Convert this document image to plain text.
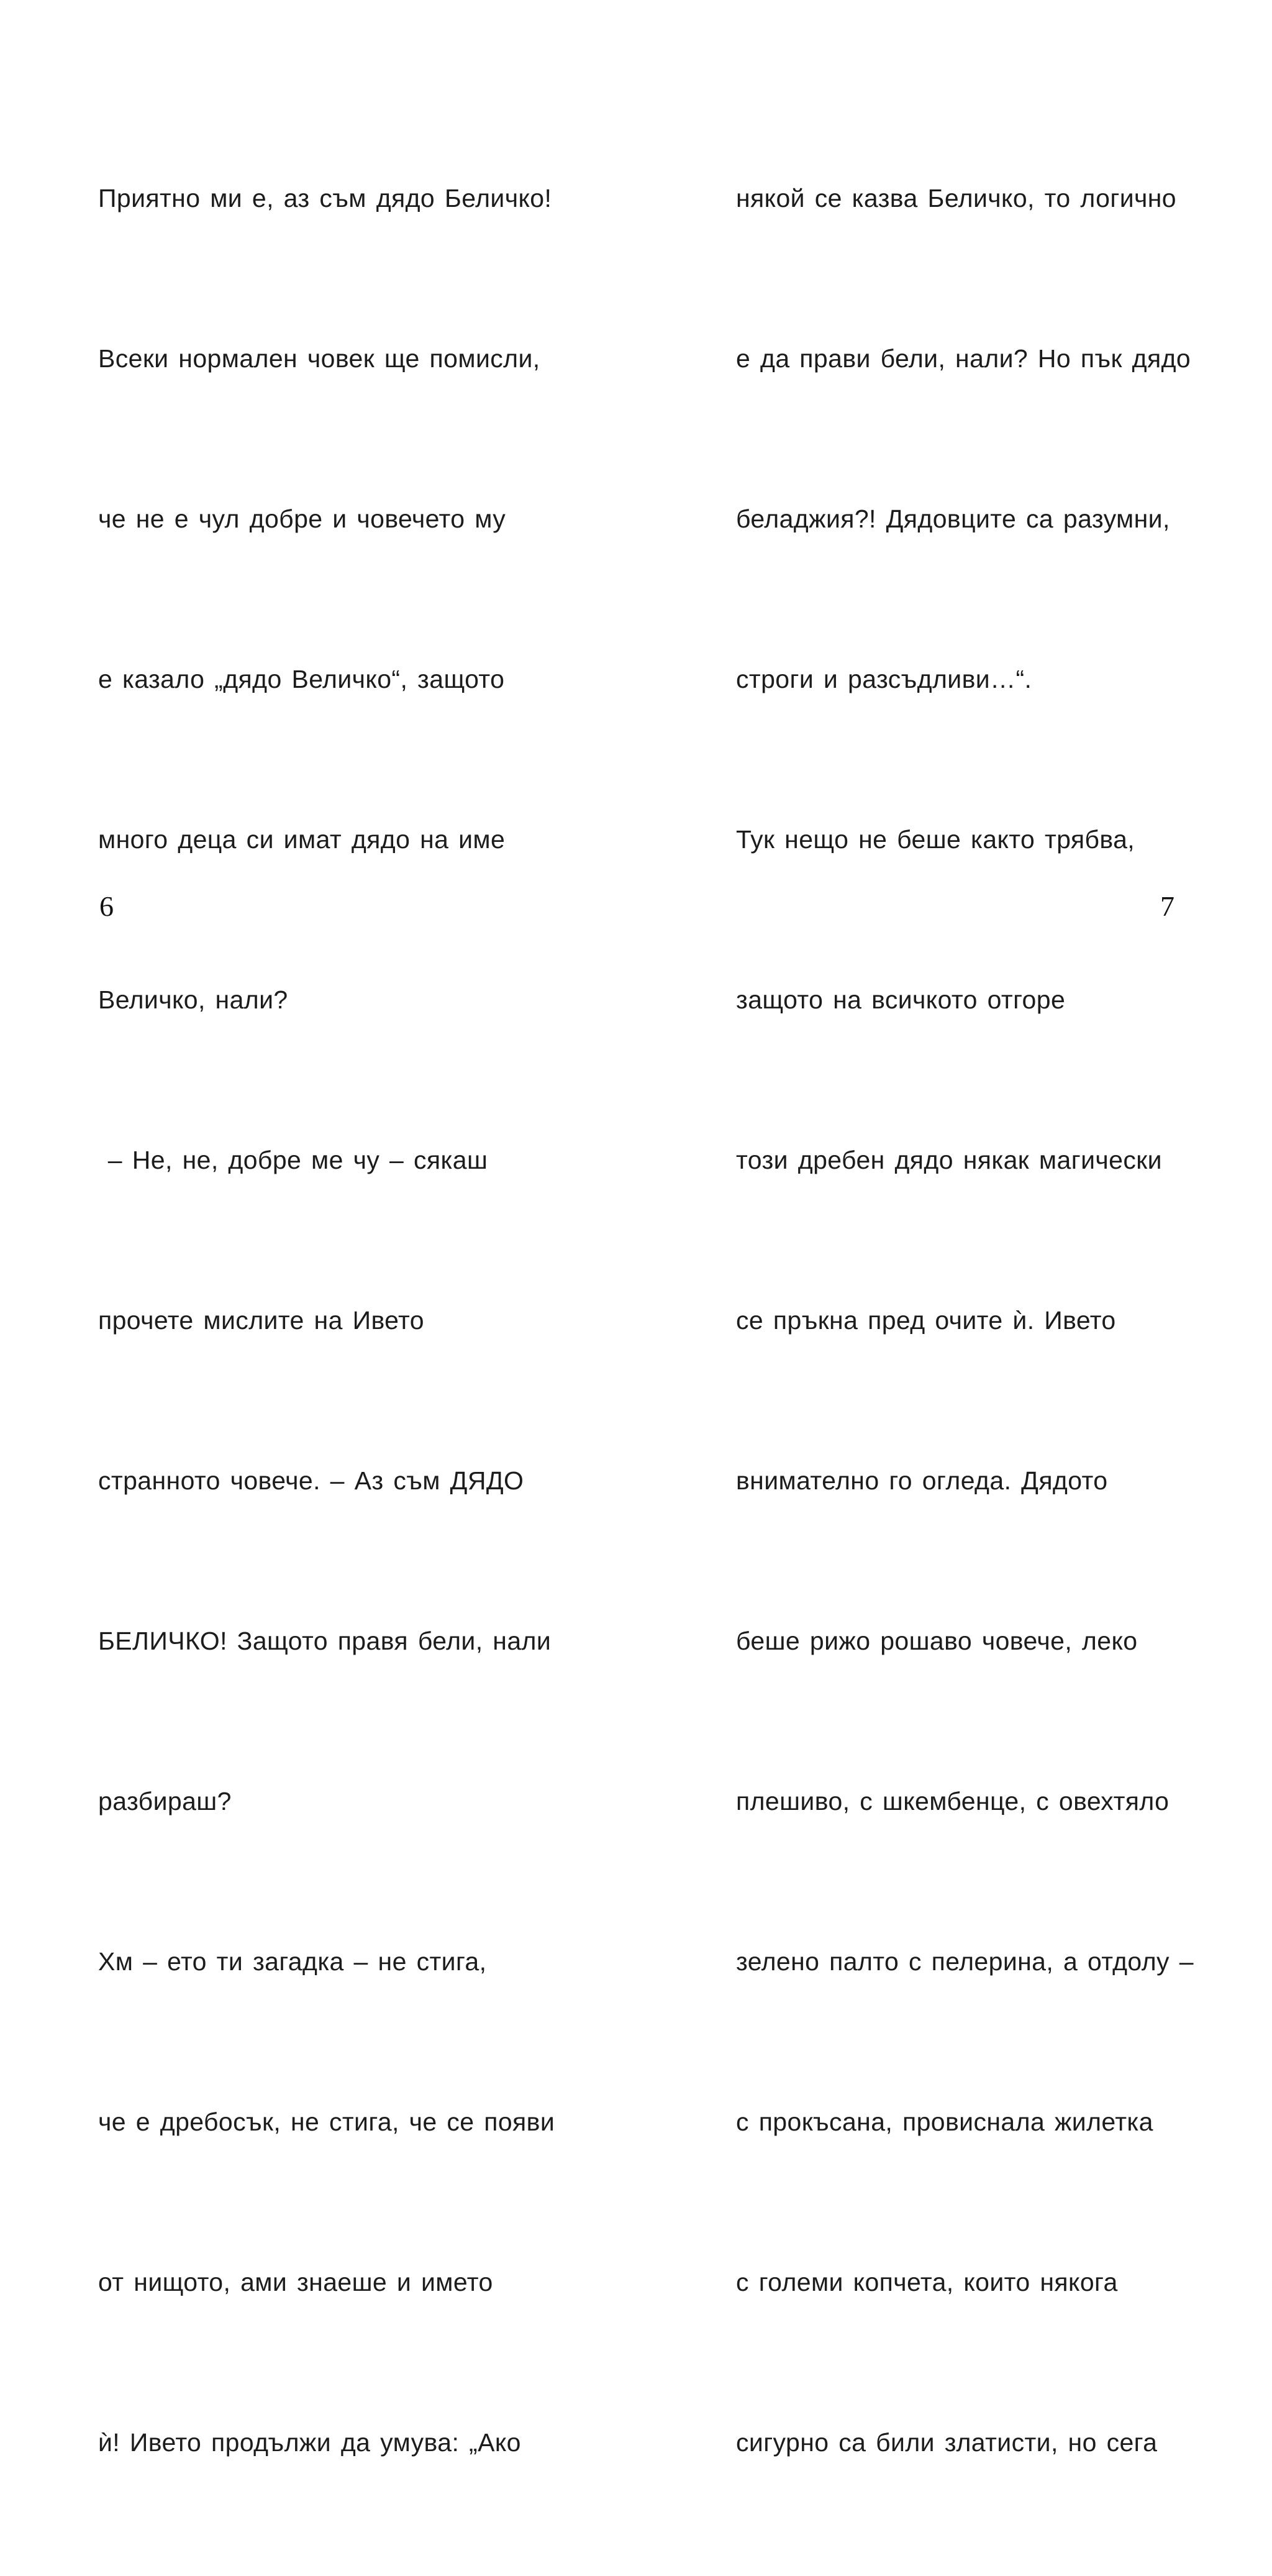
Приятно ми е, аз съм дядо Беличко!

Всеки нормален човек ще помисли,

че не е чул добре и човечето му

е казало „дядо Величко“, защото

много деца си имат дядо на име

Величко, нали?

– Не, не, добре ме чу – сякаш

прочете мислите на Ивето

странното човече. – Аз съм ДЯДО

БЕЛИЧКО! Защото правя бели, нали

разбираш?

Хм – ето ти загадка – не стига,

че е дребосък, не стига, че се появи

от нищото, ами знаеше и името

ѝ! Ивето продължи да умува: „Ако

някой се казва Беличко, то логично

е да прави бели, нали? Но пък дядо

беладжия?! Дядовците са разумни,

строги и разсъдливи…“.

Тук нещо не беше както трябва,

защото на всичкото отгоре

този дребен дядо някак магически

се пръкна пред очите ѝ. Ивето

внимателно го огледа. Дядото

беше рижо рошаво човече, леко

плешиво, с шкембенце, с овехтяло

зелено палто с пелерина, а отдолу –

с прокъсана, провиснала жилетка

с големи копчета, които някога

сигурно са били златисти, но сега

6	7
